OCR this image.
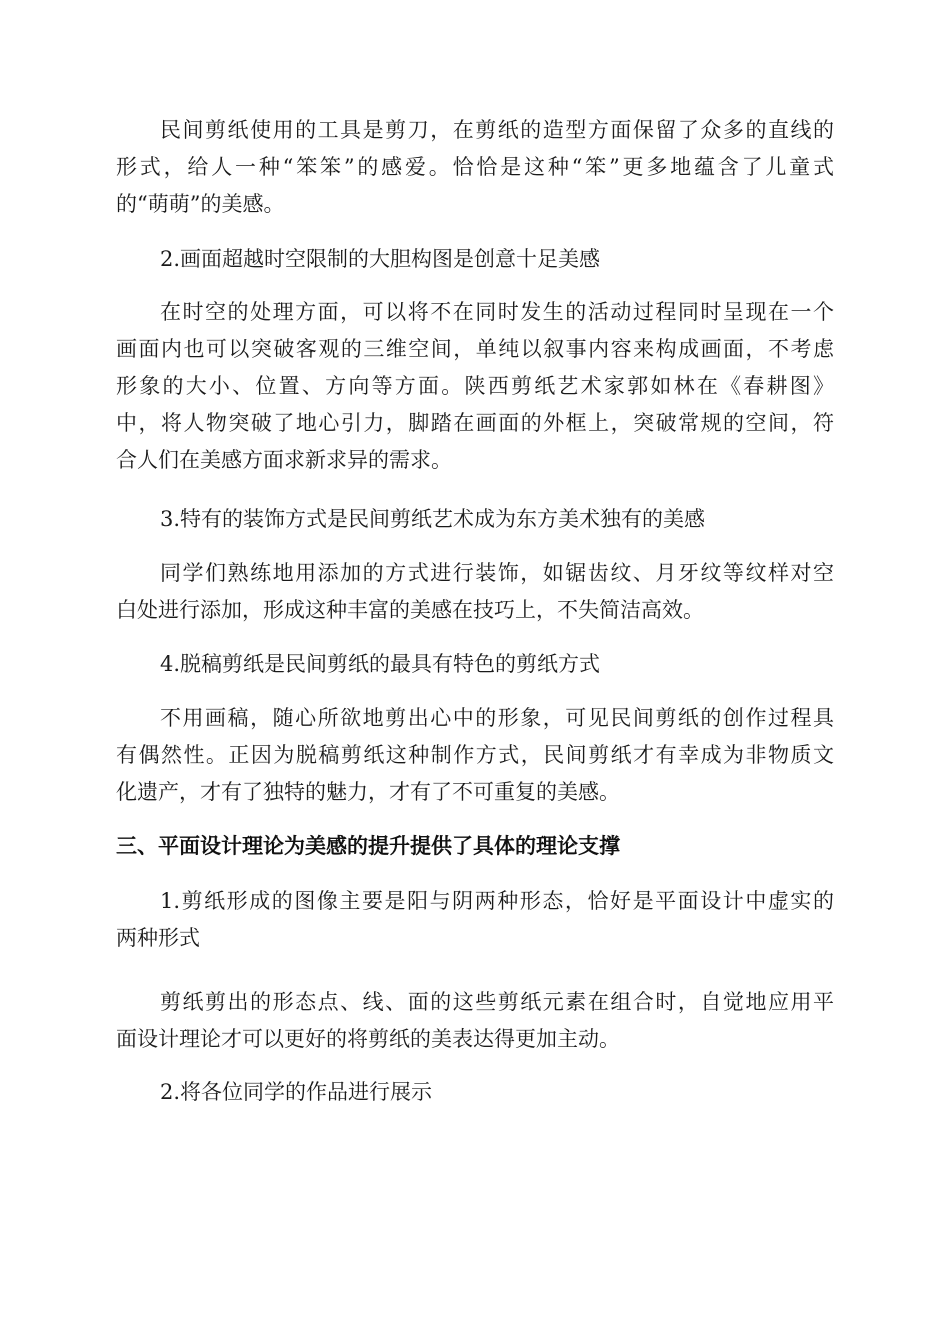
民间剪纸使用的工具是剪刀，在剪纸的造型方面保留了众多的直线的
形式，给人一种“笨笨”的感爱。恰恰是这种“笨”更多地蕴含了儿童式
的“萌萌”的美感。
2.画面超越时空限制的大胆构图是创意十足美感
在时空的处理方面，可以将不在同时发生的活动过程同时呈现在一个
画面内也可以突破客观的三维空间，单纯以叙事内容来构成画面，不考虑
形象的大小、位置、方向等方面。陕西剪纸艺术家郭如林在《春耕图》
中，将人物突破了地心引力，脚踏在画面的外框上，突破常规的空间，符
合人们在美感方面求新求异的需求。
3.特有的装饰方式是民间剪纸艺术成为东方美术独有的美感
同学们熟练地用添加的方式进行装饰，如锯齿纹、月牙纹等纹样对空
白处进行添加，形成这种丰富的美感在技巧上，不失简洁高效。
4.脱稿剪纸是民间剪纸的最具有特色的剪纸方式
不用画稿，随心所欲地剪出心中的形象，可见民间剪纸的创作过程具
有偶然性。正因为脱稿剪纸这种制作方式，民间剪纸才有幸成为非物质文
化遗产，才有了独特的魅力，才有了不可重复的美感。
三、平面设计理论为美感的提升提供了具体的理论支撑
1.剪纸形成的图像主要是阳与阴两种形态，恰好是平面设计中虚实的
两种形式
剪纸剪出的形态点、线、面的这些剪纸元素在组合时，自觉地应用平
面设计理论才可以更好的将剪纸的美表达得更加主动。
2.将各位同学的作品进行展示
